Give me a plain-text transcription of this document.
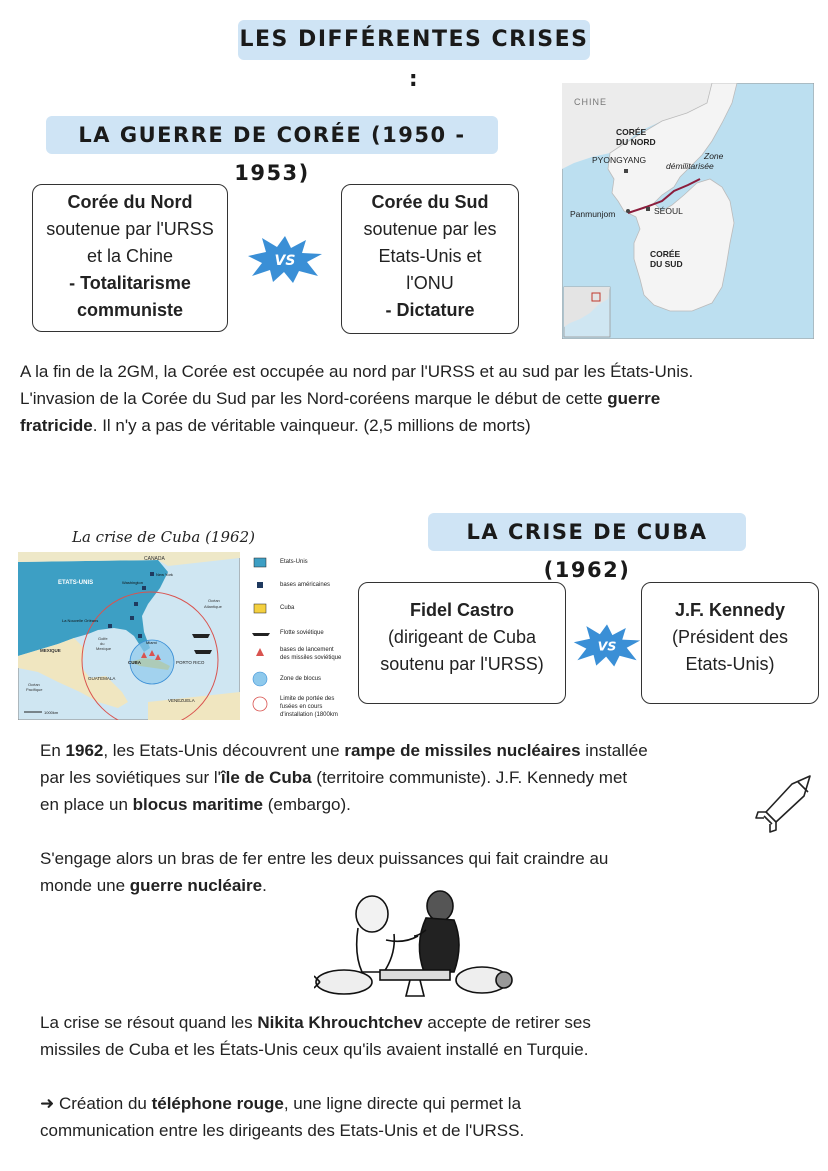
LES DIFFÉRENTES CRISES :
LA GUERRE DE CORÉE (1950 - 1953)
Corée du Nord
soutenue par l'URSS
et la Chine
- Totalitarisme
communiste
VS
Corée du Sud
soutenue par les
Etats-Unis et
l'ONU
- Dictature
CHINE
CORÉE
DU NORD
PYONGYANG	Zone
démilitarisée
Panmunjom	SÉOUL
CORÉE
DU SUD
A la fin de la 2GM, la Corée est occupée au nord par l'URSS et au sud par les États-Unis.
L'invasion de la Corée du Sud par les Nord-coréens marque le début de cette guerre
fratricide. Il n'y a pas de véritable vainqueur. (2,5 millions de morts)
La crise de Cuba (1962)
CANADA
ETATS-UNIS
New York
Washington
Océan
Atlantique
La Nouvelle Orléans
Golfe
du
Mexique
Miami
MEXIQUE
CUBA	PORTO RICO
GUATEMALA
Océan
Pacifique
VENEZUELA
1000km
Etats-Unis
bases américaines
Cuba
Flotte soviétique
bases de lancement
des missiles soviétique
Zone de blocus
Limite de portée des
fusées en cours
d'installation (1800km
LA CRISE DE CUBA (1962)
Fidel Castro
(dirigeant de Cuba
soutenu par l'URSS)
VS
J.F. Kennedy
(Président des
Etats-Unis)
En 1962, les Etats-Unis découvrent une rampe de missiles nucléaires installée
par les soviétiques sur l'île de Cuba (territoire communiste). J.F. Kennedy met
en place un blocus maritime (embargo).
S'engage alors un bras de fer entre les deux puissances qui fait craindre au
monde une guerre nucléaire.
La crise se résout quand les Nikita Khrouchtchev accepte de retirer ses
missiles de Cuba et les États-Unis ceux qu'ils avaient installé en Turquie.
➜ Création du téléphone rouge, une ligne directe qui permet la
communication entre les dirigeants des Etats-Unis et de l'URSS.
